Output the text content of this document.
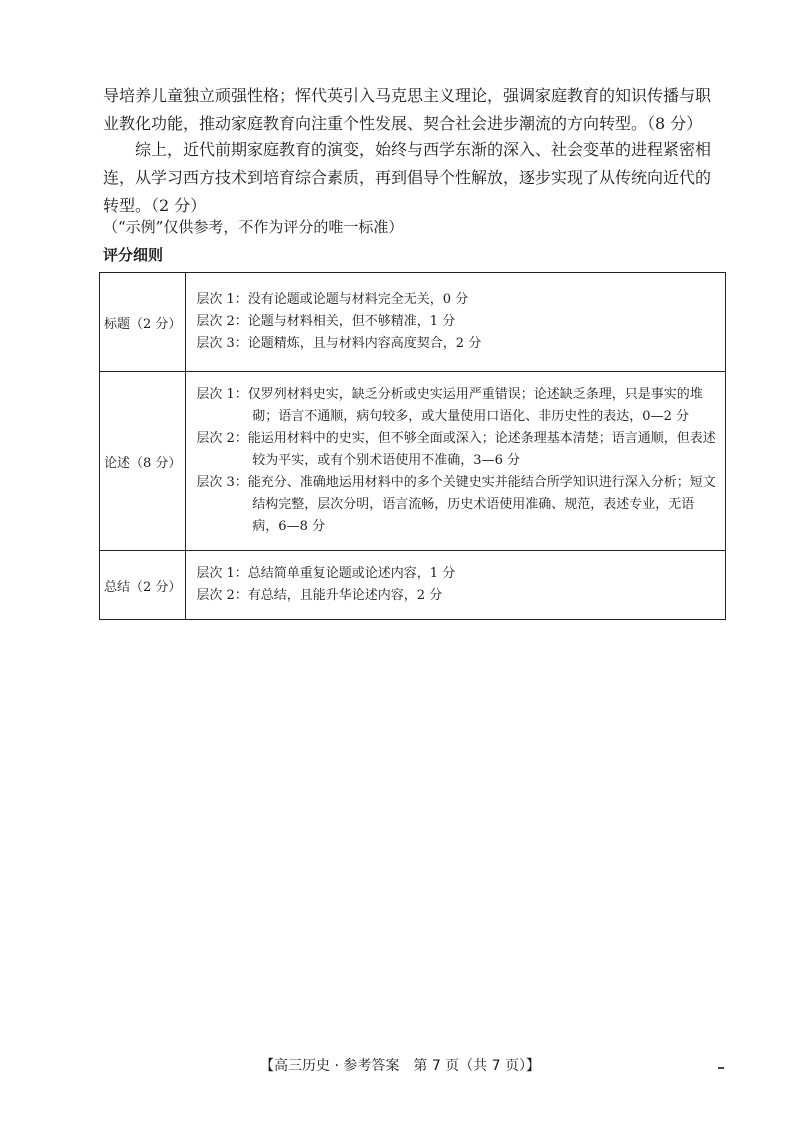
导培养儿童独立顽强性格；恽代英引入马克思主义理论，强调家庭教育的知识传播与职业教化功能，推动家庭教育向注重个性发展、契合社会进步潮流的方向转型。（8 分）

综上，近代前期家庭教育的演变，始终与西学东渐的深入、社会变革的进程紧密相连，从学习西方技术到培育综合素质，再到倡导个性解放，逐步实现了从传统向近代的转型。（2 分）

（“示例”仅供参考，不作为评分的唯一标准）

评分细则

标题（2 分）	层次 1：没有论题或论题与材料完全无关，0 分
层次 2：论题与材料相关，但不够精准，1 分
层次 3：论题精炼，且与材料内容高度契合，2 分

论述（8 分）	层次 1：仅罗列材料史实，缺乏分析或史实运用严重错误；论述缺乏条理，只是事实的堆砌；语言不通顺，病句较多，或大量使用口语化、非历史性的表达，0—2 分
层次 2：能运用材料中的史实，但不够全面或深入；论述条理基本清楚；语言通顺，但表述较为平实，或有个别术语使用不准确，3—6 分
层次 3：能充分、准确地运用材料中的多个关键史实并能结合所学知识进行深入分析；短文结构完整，层次分明，语言流畅，历史术语使用准确、规范，表述专业，无语病，6—8 分

总结（2 分）	层次 1：总结简单重复论题或论述内容，1 分
层次 2：有总结，且能升华论述内容，2 分

【高三历史 · 参考答案　第 7 页（共 7 页）】
